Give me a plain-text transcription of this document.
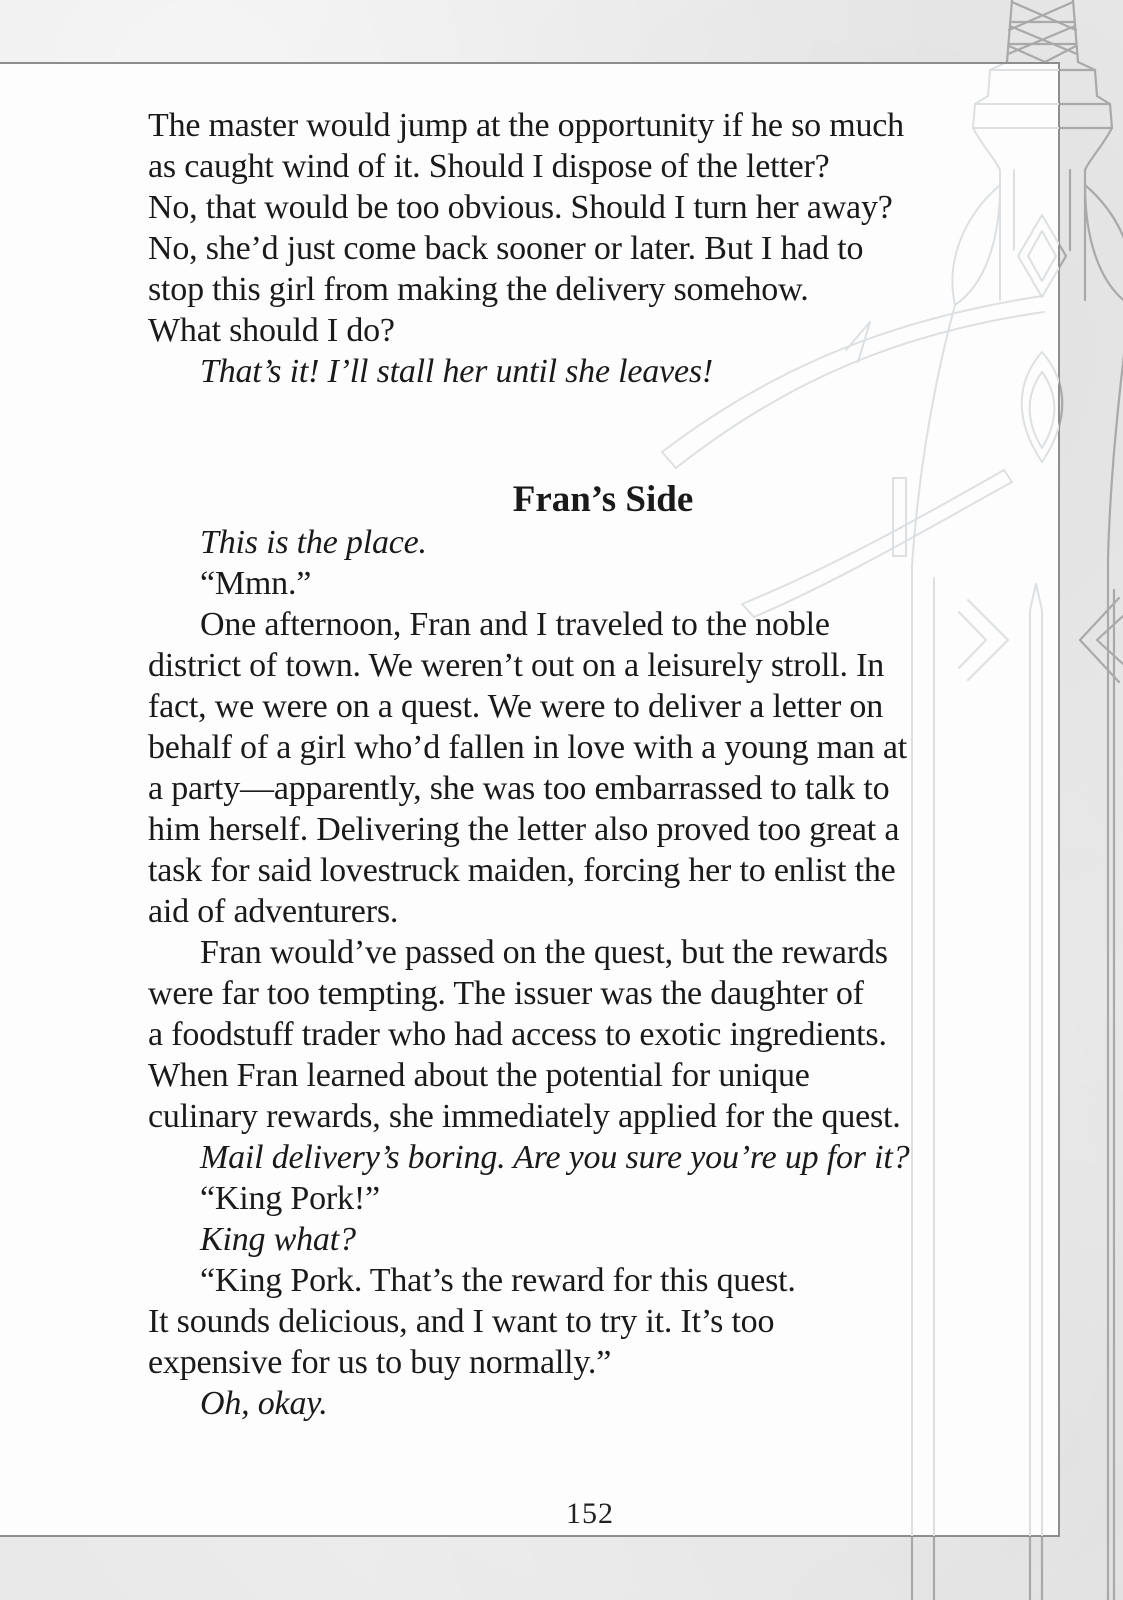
The master would jump at the opportunity if he so much
as caught wind of it. Should I dispose of the letter?
No, that would be too obvious. Should I turn her away?
No, she’d just come back sooner or later. But I had to
stop this girl from making the delivery somehow.
What should I do?
That’s it! I’ll stall her until she leaves!
Fran’s Side
This is the place.
“Mmn.”
One afternoon, Fran and I traveled to the noble
district of town. We weren’t out on a leisurely stroll. In
fact, we were on a quest. We were to deliver a letter on
behalf of a girl who’d fallen in love with a young man at
a party—apparently, she was too embarrassed to talk to
him herself. Delivering the letter also proved too great a
task for said lovestruck maiden, forcing her to enlist the
aid of adventurers.
Fran would’ve passed on the quest, but the rewards
were far too tempting. The issuer was the daughter of
a foodstuff trader who had access to exotic ingredients.
When Fran learned about the potential for unique
culinary rewards, she immediately applied for the quest.
Mail delivery’s boring. Are you sure you’re up for it?
“King Pork!”
King what?
“King Pork. That’s the reward for this quest.
It sounds delicious, and I want to try it. It’s too
expensive for us to buy normally.”
Oh, okay.
152
